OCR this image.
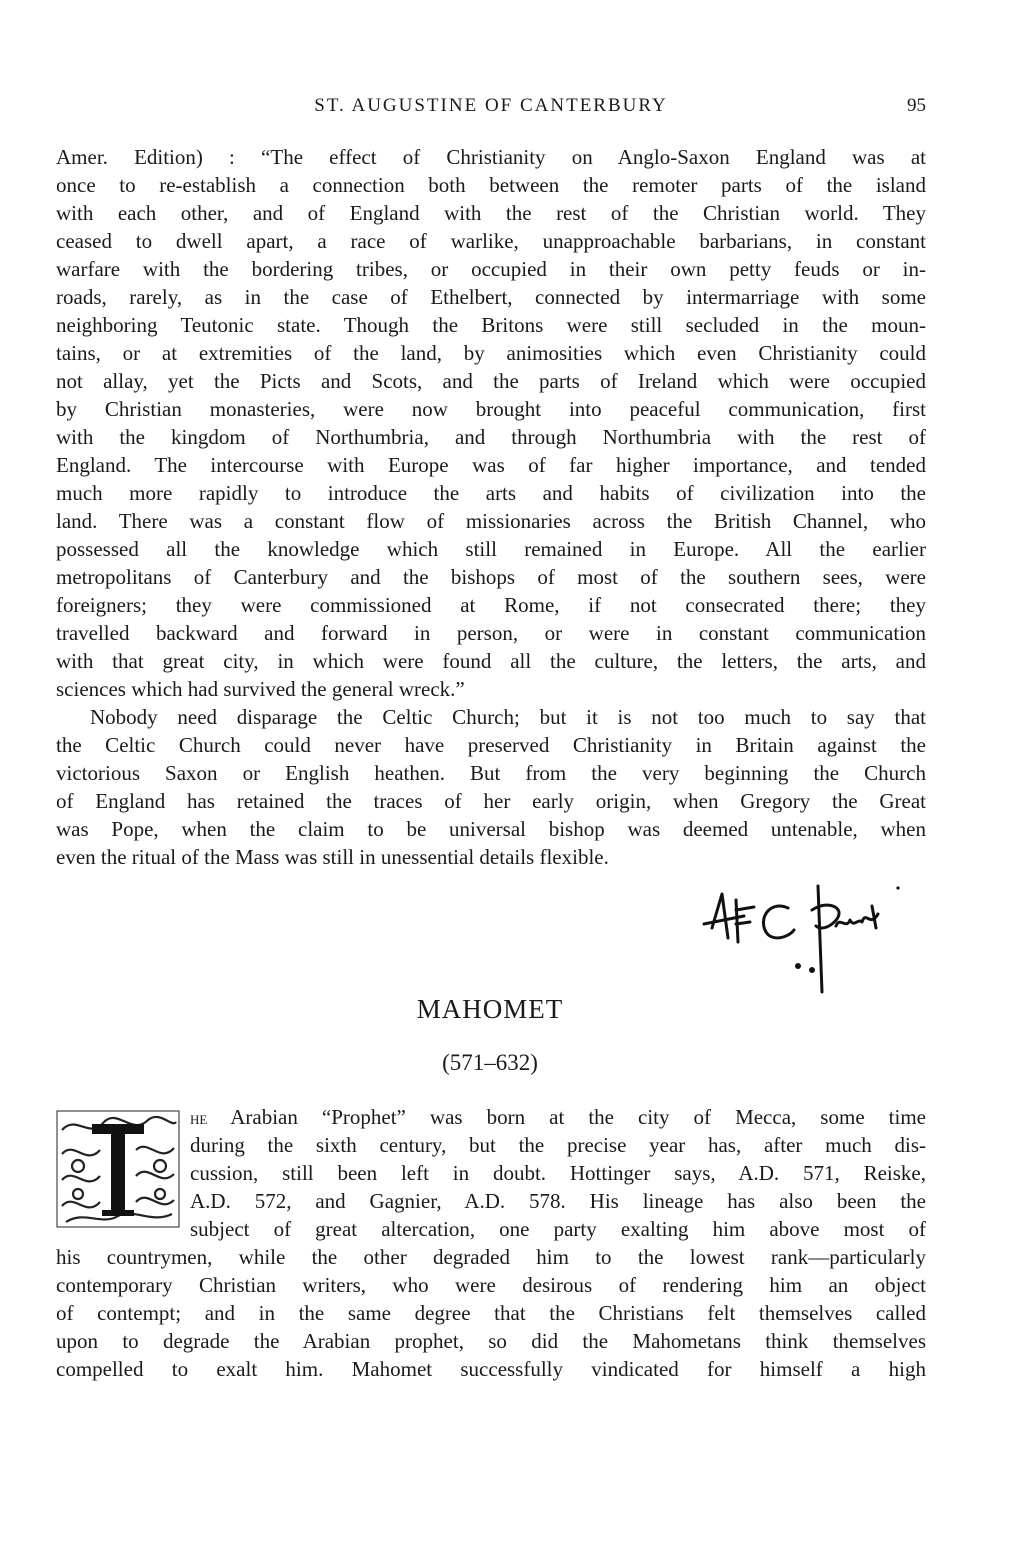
ST. AUGUSTINE OF CANTERBURY	95
Amer. Edition) : “The effect of Christianity on Anglo-Saxon England was at
once to re-establish a connection both between the remoter parts of the island
with each other, and of England with the rest of the Christian world. They
ceased to dwell apart, a race of warlike, unapproachable barbarians, in constant
warfare with the bordering tribes, or occupied in their own petty feuds or in-
roads, rarely, as in the case of Ethelbert, connected by intermarriage with some
neighboring Teutonic state. Though the Britons were still secluded in the moun-
tains, or at extremities of the land, by animosities which even Christianity could
not allay, yet the Picts and Scots, and the parts of Ireland which were occupied
by Christian monasteries, were now brought into peaceful communication, first
with the kingdom of Northumbria, and through Northumbria with the rest of
England. The intercourse with Europe was of far higher importance, and tended
much more rapidly to introduce the arts and habits of civilization into the
land. There was a constant flow of missionaries across the British Channel, who
possessed all the knowledge which still remained in Europe. All the earlier
metropolitans of Canterbury and the bishops of most of the southern sees, were
foreigners; they were commissioned at Rome, if not consecrated there; they
travelled backward and forward in person, or were in constant communication
with that great city, in which were found all the culture, the letters, the arts, and
sciences which had survived the general wreck.”
Nobody need disparage the Celtic Church; but it is not too much to say that
the Celtic Church could never have preserved Christianity in Britain against the
victorious Saxon or English heathen. But from the very beginning the Church
of England has retained the traces of her early origin, when Gregory the Great
was Pope, when the claim to be universal bishop was deemed untenable, when
even the ritual of the Mass was still in unessential details flexible.
MAHOMET
(571–632)
he Arabian “Prophet” was born at the city of Mecca, some time
during the sixth century, but the precise year has, after much dis-
cussion, still been left in doubt. Hottinger says, A.D. 571, Reiske,
A.D. 572, and Gagnier, A.D. 578. His lineage has also been the
subject of great altercation, one party exalting him above most of
his countrymen, while the other degraded him to the lowest rank—particularly
contemporary Christian writers, who were desirous of rendering him an object
of contempt; and in the same degree that the Christians felt themselves called
upon to degrade the Arabian prophet, so did the Mahometans think themselves
compelled to exalt him. Mahomet successfully vindicated for himself a high
